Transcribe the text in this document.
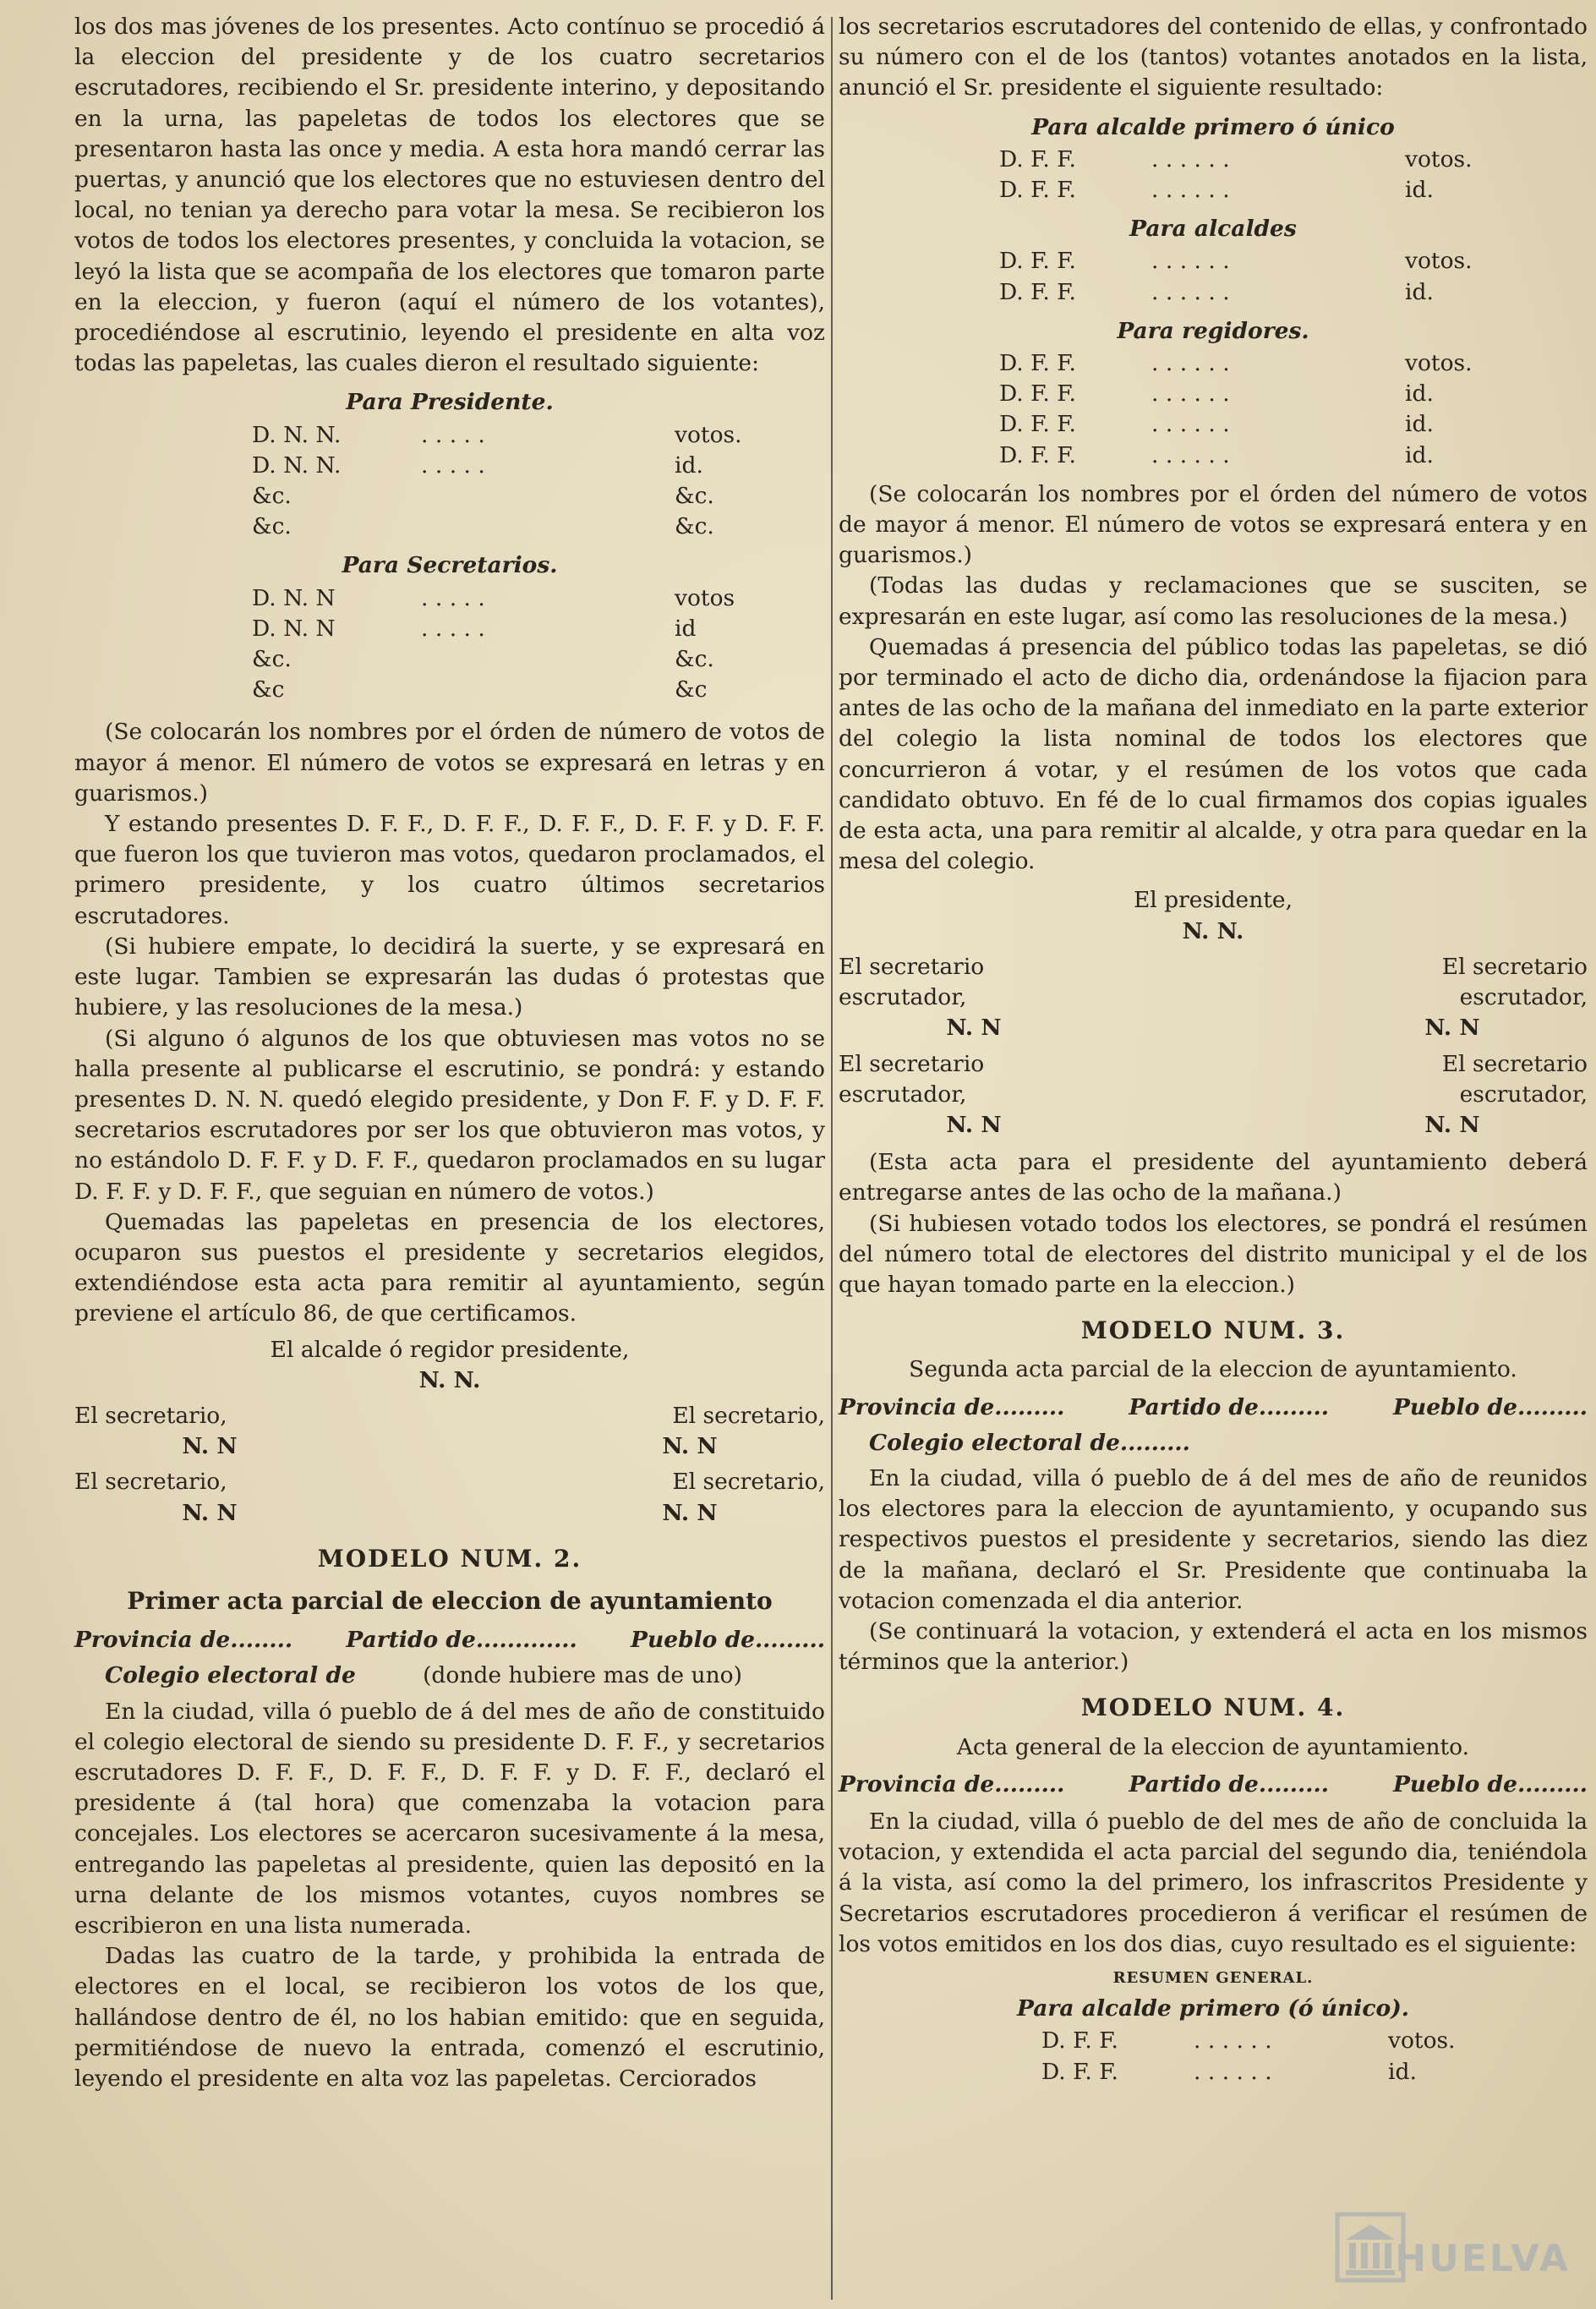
los dos mas jóvenes de los presentes. Acto contínuo se procedió á la eleccion del presidente y de los cuatro secretarios escrutadores, recibiendo el Sr. presidente interino, y depositando en la urna, las papeletas de todos los electores que se presentaron hasta las once y media. A esta hora mandó cerrar las puertas, y anunció que los electores que no estuviesen dentro del local, no tenian ya derecho para votar la mesa. Se recibieron los votos de todos los electores presentes, y concluida la votacion, se leyó la lista que se acompaña de los electores que tomaron parte en la eleccion, y fueron (aquí el número de los votantes), procediéndose al escrutinio, leyendo el presidente en alta voz todas las papeletas, las cuales dieron el resultado siguiente:

Para Presidente.
D. N. N.	. . . . .	votos.
D. N. N.	. . . . .	id.
&c.	&c.
&c.	&c.
Para Secretarios.
D. N. N	. . . . .	votos
D. N. N	. . . . .	id
&c.	&c.
&c	&c

(Se colocarán los nombres por el órden de número de votos de mayor á menor. El número de votos se expresará en letras y en guarismos.)

Y estando presentes D. F. F., D. F. F., D. F. F., D. F. F. y D. F. F. que fueron los que tuvieron mas votos, quedaron proclamados, el primero presidente, y los cuatro últimos secretarios escrutadores.

(Si hubiere empate, lo decidirá la suerte, y se expresará en este lugar. Tambien se expresarán las dudas ó protestas que hubiere, y las resoluciones de la mesa.)

(Si alguno ó algunos de los que obtuviesen mas votos no se halla presente al publicarse el escrutinio, se pondrá: y estando presentes D. N. N. quedó elegido presidente, y Don F. F. y D. F. F. secretarios escrutadores por ser los que obtuvieron mas votos, y no estándolo D. F. F. y D. F. F., quedaron proclamados en su lugar D. F. F. y D. F. F., que seguian en número de votos.)

Quemadas las papeletas en presencia de los electores, ocuparon sus puestos el presidente y secretarios elegidos, extendiéndose esta acta para remitir al ayuntamiento, según previene el artículo 86, de que certificamos.

El alcalde ó regidor presidente,
N. N.
El secretario,
N. N
El secretario,
N. N
El secretario,
N. N
El secretario,
N. N
MODELO NUM. 2.
Primer acta parcial de eleccion de ayuntamiento
Provincia de........ Partido de............. Pueblo de.........
Colegio electoral de	(donde hubiere mas de uno)

En la ciudad, villa ó pueblo de á del mes de año de constituido el colegio electoral de siendo su presidente D. F. F., y secretarios escrutadores D. F. F., D. F. F., D. F. F. y D. F. F., declaró el presidente á (tal hora) que comenzaba la votacion para concejales. Los electores se acercaron sucesivamente á la mesa, entregando las papeletas al presidente, quien las depositó en la urna delante de los mismos votantes, cuyos nombres se escribieron en una lista numerada.

Dadas las cuatro de la tarde, y prohibida la entrada de electores en el local, se recibieron los votos de los que, hallándose dentro de él, no los habian emitido: que en seguida, permitiéndose de nuevo la entrada, comenzó el escrutinio, leyendo el presidente en alta voz las papeletas. Cerciorados

los secretarios escrutadores del contenido de ellas, y confrontado su número con el de los (tantos) votantes anotados en la lista, anunció el Sr. presidente el siguiente resultado:

Para alcalde primero ó único
D. F. F.	. . . . . .	votos.
D. F. F.	. . . . . .	id.
Para alcaldes
D. F. F.	. . . . . .	votos.
D. F. F.	. . . . . .	id.
Para regidores.
D. F. F.	. . . . . .	votos.
D. F. F.	. . . . . .	id.
D. F. F.	. . . . . .	id.
D. F. F.	. . . . . .	id.

(Se colocarán los nombres por el órden del número de votos de mayor á menor. El número de votos se expresará entera y en guarismos.)

(Todas las dudas y reclamaciones que se susciten, se expresarán en este lugar, así como las resoluciones de la mesa.)

Quemadas á presencia del público todas las papeletas, se dió por terminado el acto de dicho dia, ordenándose la fijacion para antes de las ocho de la mañana del inmediato en la parte exterior del colegio la lista nominal de todos los electores que concurrieron á votar, y el resúmen de los votos que cada candidato obtuvo. En fé de lo cual firmamos dos copias iguales de esta acta, una para remitir al alcalde, y otra para quedar en la mesa del colegio.

El presidente,
N. N.
El secretario escrutador,
N. N
El secretario escrutador,
N. N
El secretario escrutador,
N. N
El secretario escrutador,
N. N

(Esta acta para el presidente del ayuntamiento deberá entregarse antes de las ocho de la mañana.)

(Si hubiesen votado todos los electores, se pondrá el resúmen del número total de electores del distrito municipal y el de los que hayan tomado parte en la eleccion.)

MODELO NUM. 3.
Segunda acta parcial de la eleccion de ayuntamiento.
Provincia de.........	Partido de.........	Pueblo de.........
Colegio electoral de.........

En la ciudad, villa ó pueblo de á del mes de año de reunidos los electores para la eleccion de ayuntamiento, y ocupando sus respectivos puestos el presidente y secretarios, siendo las diez de la mañana, declaró el Sr. Presidente que continuaba la votacion comenzada el dia anterior.

(Se continuará la votacion, y extenderá el acta en los mismos términos que la anterior.)

MODELO NUM. 4.
Acta general de la eleccion de ayuntamiento.
Provincia de.........	Partido de.........	Pueblo de.........

En la ciudad, villa ó pueblo de del mes de año de concluida la votacion, y extendida el acta parcial del segundo dia, teniéndola á la vista, así como la del primero, los infrascritos Presidente y Secretarios escrutadores procedieron á verificar el resúmen de los votos emitidos en los dos dias, cuyo resultado es el siguiente:

RESUMEN GENERAL.
Para alcalde primero (ó único).
D. F. F.	. . . . . .	votos.
D. F. F.	. . . . . .	id.
HUELVA
